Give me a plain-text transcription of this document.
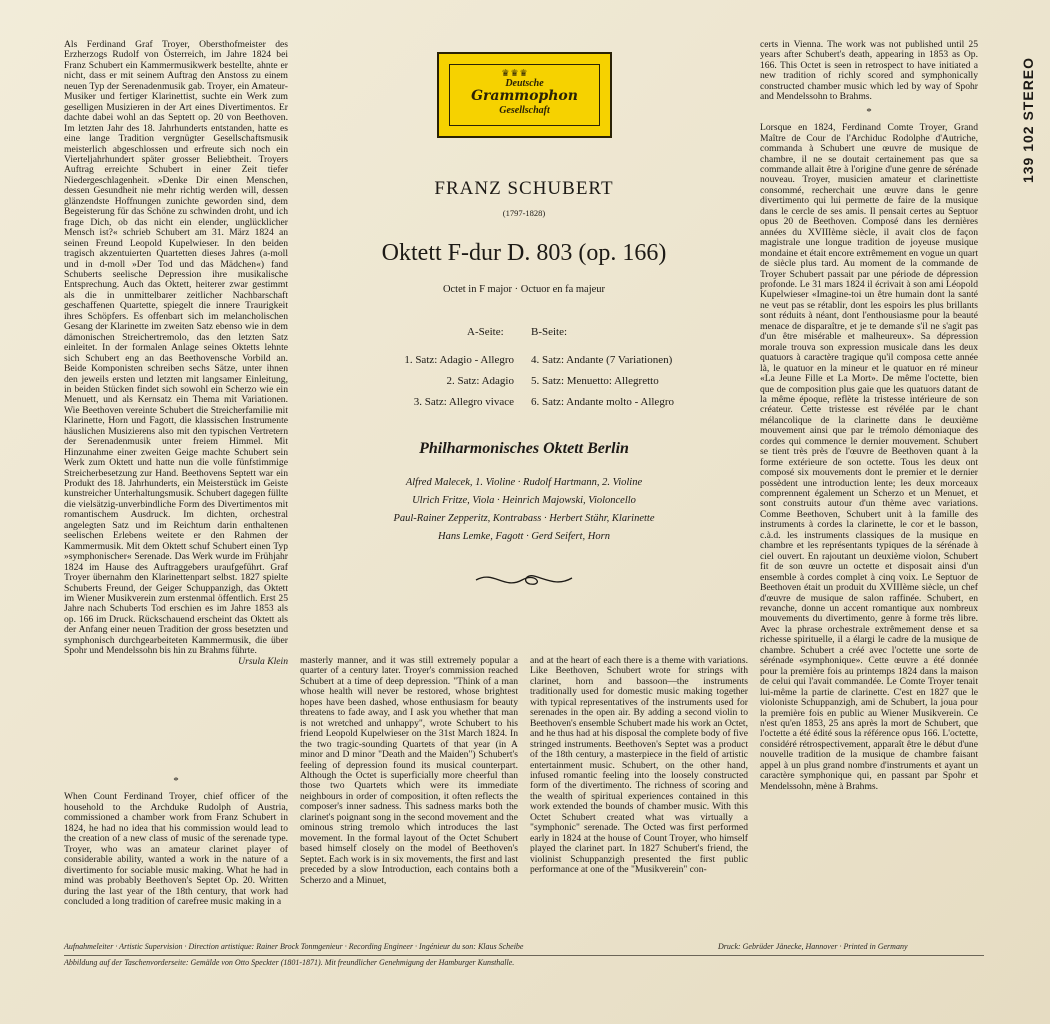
Als Ferdinand Graf Troyer, Obersthofmeister des Erzherzogs Rudolf von Österreich, im Jahre 1824 bei Franz Schubert ein Kammermusikwerk bestellte, ahnte er nicht, dass er mit seinem Auftrag den Anstoss zu einem neuen Typ der Serenadenmusik gab. Troyer, ein Amateur-Musiker und fertiger Klarinettist, suchte ein Werk zum geselligen Musizieren in der Art eines Divertimentos. Er dachte dabei wohl an das Septett op. 20 von Beethoven. Im letzten Jahr des 18. Jahrhunderts entstanden, hatte es eine lange Tradition vergnügter Gesellschaftsmusik meisterlich abgeschlossen und erfreute sich noch ein Vierteljahrhundert später grosser Beliebtheit. Troyers Auftrag erreichte Schubert in einer Zeit tiefer Niedergeschlagenheit. »Denke Dir einen Menschen, dessen Gesundheit nie mehr richtig werden will, dessen glänzendste Hoffnungen zunichte geworden sind, dem Begeisterung für das Schöne zu schwinden droht, und ich frage Dich, ob das nicht ein elender, unglücklicher Mensch ist?« schrieb Schubert am 31. März 1824 an seinen Freund Leopold Kupelwieser. In den beiden tragisch akzentuierten Quartetten dieses Jahres (a-moll und in d-moll »Der Tod und das Mädchen«) fand Schuberts seelische Depression ihre musikalische Entsprechung. Auch das Oktett, heiterer zwar gestimmt als die in unmittelbarer zeitlicher Nachbarschaft geschaffenen Quartette, spiegelt die innere Traurigkeit ihres Schöpfers. Es offenbart sich im melancholischen Gesang der Klarinette im zweiten Satz ebenso wie in dem dämonischen Streichertremolo, das den letzten Satz einleitet. In der formalen Anlage seines Oktetts lehnte sich Schubert eng an das Beethovensche Vorbild an. Beide Komponisten schreiben sechs Sätze, unter ihnen den jeweils ersten und letzten mit langsamer Einleitung, in beiden Stücken findet sich sowohl ein Scherzo wie ein Menuett, und als Kernsatz ein Thema mit Variationen. Wie Beethoven vereinte Schubert die Streicherfamilie mit Klarinette, Horn und Fagott, die klassischen Instrumente häuslichen Musizierens also mit den typischen Vertretern der Serenadenmusik unter freiem Himmel. Mit Hinzunahme einer zweiten Geige machte Schubert sein Werk zum Oktett und hatte nun die volle fünfstimmige Streicherbesetzung zur Hand. Beethovens Septett war ein Produkt des 18. Jahrhunderts, ein Meisterstück im Geiste kunstreicher Unterhaltungsmusik. Schubert dagegen füllte die vielsätzig-unverbindliche Form des Divertimentos mit romantischem Ausdruck. Im dichten, orchestral angelegten Satz und im Reichtum darin enthaltenen seelischen Erlebens weitete er den Rahmen der Kammermusik. Mit dem Oktett schuf Schubert einen Typ »symphonischer« Serenade. Das Werk wurde im Frühjahr 1824 im Hause des Auftraggebers uraufgeführt. Graf Troyer übernahm den Klarinettenpart selbst. 1827 spielte Schuberts Freund, der Geiger Schuppanzigh, das Oktett im Wiener Musikverein zum erstenmal öffentlich. Erst 25 Jahre nach Schuberts Tod erschien es im Jahre 1853 als op. 166 im Druck. Rückschauend erscheint das Oktett als der Anfang einer neuen Tradition der gross besetzten und symphonisch durchgearbeiteten Kammermusik, die über Spohr und Mendelssohn bis hin zu Brahms führte.

Ursula Klein

*

When Count Ferdinand Troyer, chief officer of the household to the Archduke Rudolph of Austria, commissioned a chamber work from Franz Schubert in 1824, he had no idea that his commission would lead to the creation of a new class of music of the serenade type. Troyer, who was an amateur clarinet player of considerable ability, wanted a work in the nature of a divertimento for sociable music making. What he had in mind was probably Beethoven's Septet Op. 20. Written during the last year of the 18th century, that work had concluded a long tradition of carefree music making in a

masterly manner, and it was still extremely popular a quarter of a century later. Troyer's commission reached Schubert at a time of deep depression. "Think of a man whose health will never be restored, whose brightest hopes have been dashed, whose enthusiasm for beauty threatens to fade away, and I ask you whether that man is not wretched and unhappy", wrote Schubert to his friend Leopold Kupelwieser on the 31st March 1824. In the two tragic-sounding Quartets of that year (in A minor and D minor "Death and the Maiden") Schubert's feeling of depression found its musical counterpart. Although the Octet is superficially more cheerful than those two Quartets which were its immediate neighbours in order of composition, it often reflects the composer's inner sadness. This sadness marks both the clarinet's poignant song in the second movement and the ominous string tremolo which introduces the last movement. In the formal layout of the Octet Schubert based himself closely on the model of Beethoven's Septet. Each work is in six movements, the first and last preceded by a slow Introduction, each contains both a Scherzo and a Minuet,

and at the heart of each there is a theme with variations. Like Beethoven, Schubert wrote for strings with clarinet, horn and bassoon—the instruments traditionally used for domestic music making together with typical representatives of the instruments used for serenades in the open air. By adding a second violin to Beethoven's ensemble Schubert made his work an Octet, and he thus had at his disposal the complete body of five stringed instruments. Beethoven's Septet was a product of the 18th century, a masterpiece in the field of artistic entertainment music. Schubert, on the other hand, infused romantic feeling into the loosely constructed form of the divertimento. The richness of scoring and the wealth of spiritual experiences contained in this work extended the bounds of chamber music. With this Octet Schubert created what was virtually a "symphonic" serenade. The Octed was first performed early in 1824 at the house of Count Troyer, who himself played the clarinet part. In 1827 Schubert's friend, the violinist Schuppanzigh presented the first public performance at one of the "Musikverein" con-

certs in Vienna. The work was not published until 25 years after Schubert's death, appearing in 1853 as Op. 166. This Octet is seen in retrospect to have initiated a new tradition of richly scored and symphonically constructed chamber music which led by way of Spohr and Mendelssohn to Brahms.

*

Lorsque en 1824, Ferdinand Comte Troyer, Grand Maître de Cour de l'Archiduc Rodolphe d'Autriche, commanda à Schubert une œuvre de musique de chambre, il ne se doutait certainement pas que sa commande allait être à l'origine d'une genre de sérénade nouveau. Troyer, musicien amateur et clarinettiste consommé, recherchait une œuvre dans le genre divertimento qui lui permette de faire de la musique dans le cercle de ses amis. Il pensait certes au Septuor opus 20 de Beethoven. Composé dans les dernières années du XVIIIème siècle, il avait clos de façon magistrale une longue tradition de joyeuse musique mondaine et était encore extrêmement en vogue un quart de siècle plus tard. Au moment de la commande de Troyer Schubert passait par une période de dépression profonde. Le 31 mars 1824 il écrivait à son ami Léopold Kupelwieser «Imagine-toi un être humain dont la santé ne veut pas se rétablir, dont les espoirs les plus brillants sont réduits à néant, dont l'enthousiasme pour la beauté menace de disparaître, et je te demande s'il ne s'agit pas d'un être misérable et malheureux». Sa dépression morale trouva son expression musicale dans les deux quatuors à caractère tragique qu'il composa cette année là, le quatuor en la mineur et le quatuor en ré mineur «La Jeune Fille et La Mort». De même l'octette, bien que de composition plus gaie que les quatuors datant de la même époque, reflète la tristesse intérieure de son créateur. Cette tristesse est révélée par le chant mélancolique de la clarinette dans le deuxième mouvement ainsi que par le trémolo démoniaque des cordes qui commence le dernier mouvement. Schubert se tient très près de l'œuvre de Beethoven quant à la forme extérieure de son octette. Tous les deux ont composé six mouvements dont le premier et le dernier possèdent une introduction lente; les deux morceaux comprennent également un Scherzo et un Menuet, et sont construits autour d'un thème avec variations. Comme Beethoven, Schubert unit à la famille des instruments à cordes la clarinette, le cor et le basson, c.à.d. les instruments classiques de la musique en chambre et les représentants typiques de la sérénade à ciel ouvert. En rajoutant un deuxième violon, Schubert fit de son œuvre un octette et disposait ainsi d'un ensemble à cordes complet à cinq voix. Le Septuor de Beethoven était un produit du XVIIIème siècle, un chef d'œuvre de musique de salon raffinée. Schubert, en revanche, donne un accent romantique aux nombreux mouvements du divertimento, genre à forme très libre. Avec la phrase orchestrale extrêmement dense et sa richesse spirituelle, il a élargi le cadre de la musique de chambre. Schubert a créé avec l'octette une sorte de sérénade «symphonique». Cette œuvre a été donnée pour la première fois au printemps 1824 dans la maison de celui qui l'avait commandée. Le Comte Troyer tenait lui-même la partie de clarinette. C'est en 1827 que le violoniste Schuppanzigh, ami de Schubert, la joua pour la première fois en public au Wiener Musikverein. Ce n'est qu'en 1853, 25 ans après la mort de Schubert, que l'octette a été édité sous la référence opus 166. L'octette, considéré rétrospectivement, apparaît être le début d'une nouvelle tradition de la musique de chambre faisant appel à un plus grand nombre d'instruments et ayant un caractère symphonique qui, en passant par Spohr et Mendelssohn, mène à Brahms.

♛♛♛
Deutsche
Grammophon
Gesellschaft
FRANZ SCHUBERT
(1797-1828)
Oktett F-dur D. 803 (op. 166)
Octet in F major · Octuor en fa majeur
A-Seite: B-Seite:
1. Satz: Adagio - Allegro
2. Satz: Adagio
3. Satz: Allegro vivace
4. Satz: Andante (7 Variationen)
5. Satz: Menuetto: Allegretto
6. Satz: Andante molto - Allegro
Philharmonisches Oktett Berlin
Alfred Malecek, 1. Violine · Rudolf Hartmann, 2. Violine
Ulrich Fritze, Viola · Heinrich Majowski, Violoncello
Paul-Rainer Zepperitz, Kontrabass · Herbert Stähr, Klarinette
Hans Lemke, Fagott · Gerd Seifert, Horn
139 102 STEREO
Aufnahmeleiter · Artistic Supervision · Direction artistique: Rainer Brock Tonmgenieur · Recording Engineer · Ingénieur du son: Klaus Scheibe
Abbildung auf der Taschenvorderseite: Gemälde von Otto Speckter (1801-1871). Mit freundlicher Genehmigung der Hamburger Kunsthalle.
Druck: Gebrüder Jänecke, Hannover · Printed in Germany
